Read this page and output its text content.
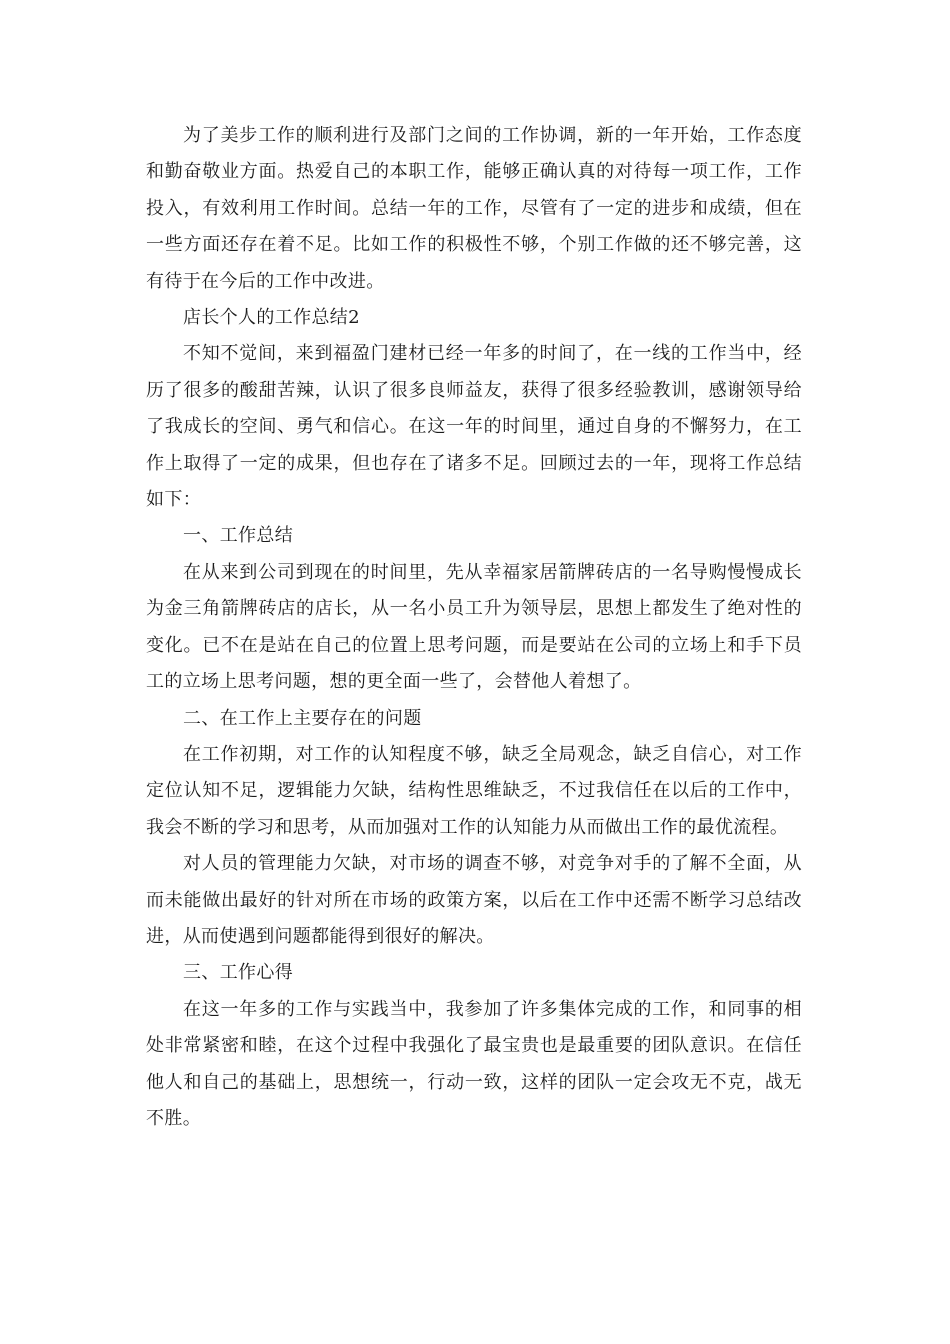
为了美步工作的顺利进行及部门之间的工作协调，新的一年开始，工作态度和勤奋敬业方面。热爱自己的本职工作，能够正确认真的对待每一项工作，工作投入，有效利用工作时间。总结一年的工作，尽管有了一定的进步和成绩，但在一些方面还存在着不足。比如工作的积极性不够，个别工作做的还不够完善，这有待于在今后的工作中改进。

店长个人的工作总结2

不知不觉间，来到福盈门建材已经一年多的时间了，在一线的工作当中，经历了很多的酸甜苦辣，认识了很多良师益友，获得了很多经验教训，感谢领导给了我成长的空间、勇气和信心。在这一年的时间里，通过自身的不懈努力，在工作上取得了一定的成果，但也存在了诸多不足。回顾过去的一年，现将工作总结如下：

一、工作总结

在从来到公司到现在的时间里，先从幸福家居箭牌砖店的一名导购慢慢成长为金三角箭牌砖店的店长，从一名小员工升为领导层，思想上都发生了绝对性的变化。已不在是站在自己的位置上思考问题，而是要站在公司的立场上和手下员工的立场上思考问题，想的更全面一些了，会替他人着想了。

二、在工作上主要存在的问题

在工作初期，对工作的认知程度不够，缺乏全局观念，缺乏自信心，对工作定位认知不足，逻辑能力欠缺，结构性思维缺乏，不过我信任在以后的工作中，我会不断的学习和思考，从而加强对工作的认知能力从而做出工作的最优流程。

对人员的管理能力欠缺，对市场的调查不够，对竞争对手的了解不全面，从而未能做出最好的针对所在市场的政策方案，以后在工作中还需不断学习总结改进，从而使遇到问题都能得到很好的解决。

三、工作心得

在这一年多的工作与实践当中，我参加了许多集体完成的工作，和同事的相处非常紧密和睦，在这个过程中我强化了最宝贵也是最重要的团队意识。在信任他人和自己的基础上，思想统一，行动一致，这样的团队一定会攻无不克，战无不胜。
